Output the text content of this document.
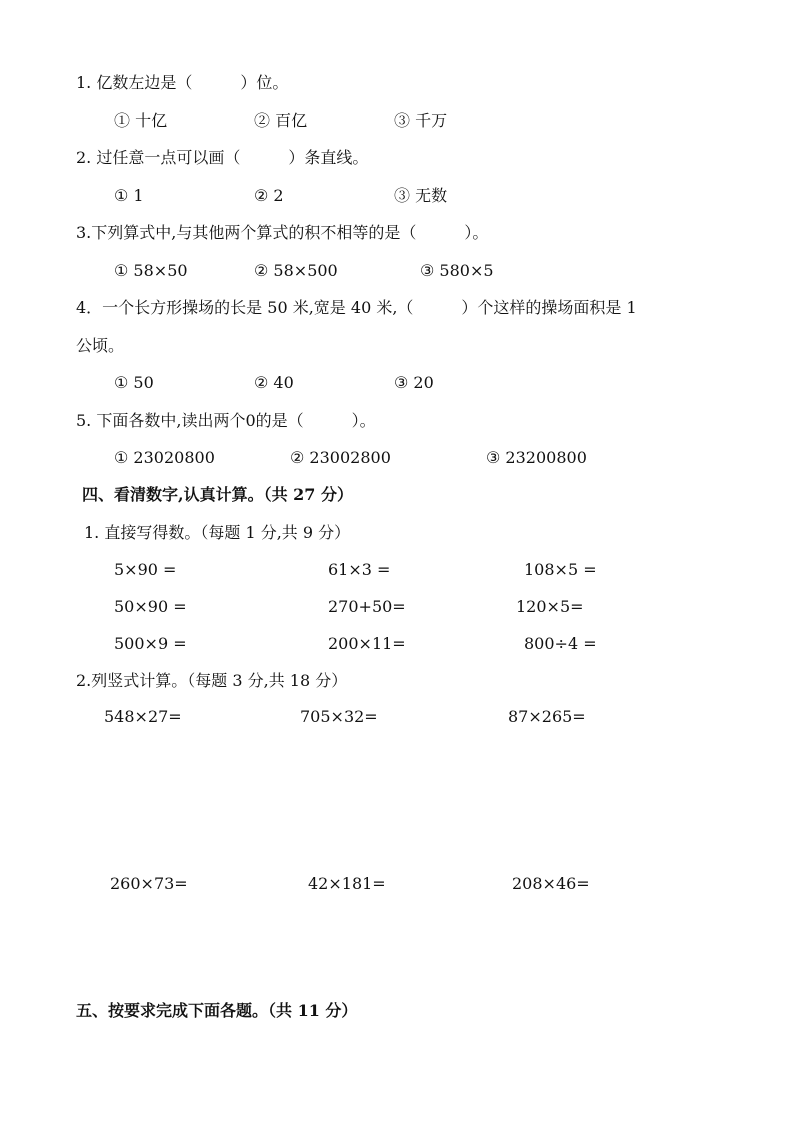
1. 亿数左边是（　　　）位。
① 十亿	② 百亿	③ 千万
2. 过任意一点可以画（　　　）条直线。
① 1	② 2	③ 无数
3.下列算式中,与其他两个算式的积不相等的是（　　　）。
① 58×50	② 58×500	③ 580×5
4．一个长方形操场的长是 50 米,宽是 40 米,（　　　）个这样的操场面积是 1
公顷。
① 50	② 40	③ 20
5. 下面各数中,读出两个0的是（　　　）。
① 23020800	② 23002800	③ 23200800
四、看清数字,认真计算。（共 27 分）
1. 直接写得数。（每题 1 分,共 9 分）
5×90 =	61×3 =	108×5 =
50×90 =	270+50=	120×5=
500×9 =	200×11=	800÷4 =
2.列竖式计算。（每题 3 分,共 18 分）
548×27=	705×32=	87×265=
260×73=	42×181=	208×46=
五、按要求完成下面各题。（共 11 分）
